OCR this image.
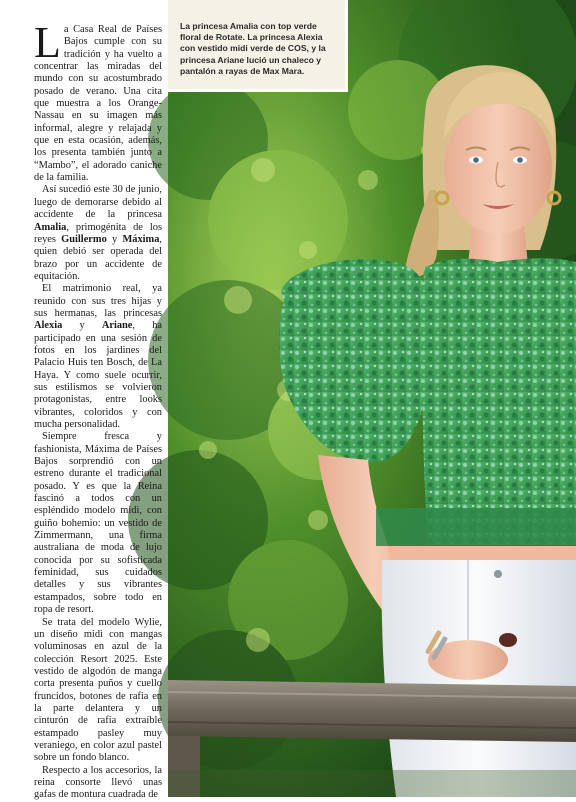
La princesa Amalia con top verde floral de Rotate. La princesa Alexia con vestido midi verde de COS, y la princesa Ariane lució un chaleco y pantalón a rayas de Max Mara.

La Casa Real de Países Bajos cumple con su tradición y ha vuelto a concentrar las miradas del mundo con su acostumbrado posado de verano. Una cita que muestra a los Orange-Nassau en su imagen más informal, alegre y relajada y que en esta ocasión, además, los presenta también junto a “Mambo”, el adorado caniche de la familia.

Así sucedió este 30 de junio, luego de demorarse debido al accidente de la princesa Amalia, primogénita de los reyes Guillermo y Máxima, quien debió ser operada del brazo por un accidente de equitación.

El matrimonio real, ya reunido con sus tres hijas y sus hermanas, las princesas Alexia y Ariane, ha participado en una sesión de fotos en los jardines del Palacio Huis ten Bosch, de La Haya. Y como suele ocurrir, sus estilismos se volvieron protagonistas, entre looks vibrantes, coloridos y con mucha personalidad.

Siempre fresca y fashionista, Máxima de Países Bajos sorprendió con un estreno durante el tradicional posado. Y es que la Reina fascinó a todos con un espléndido modelo midi, con guiño bohemio: un vestido de Zimmermann, una firma australiana de moda de lujo conocida por su sofisticada feminidad, sus cuidados detalles y sus vibrantes estampados, sobre todo en ropa de resort.

Se trata del modelo Wylie, un diseño midi con mangas voluminosas en azul de la colección Resort 2025. Este vestido de algodón de manga corta presenta puños y cuello fruncidos, botones de rafia en la parte delantera y un cinturón de rafia extraíble estampado pasley muy veraniego, en color azul pastel sobre un fondo blanco.

Respecto a los accesorios, la reina consorte llevó unas gafas de montura cuadrada de
